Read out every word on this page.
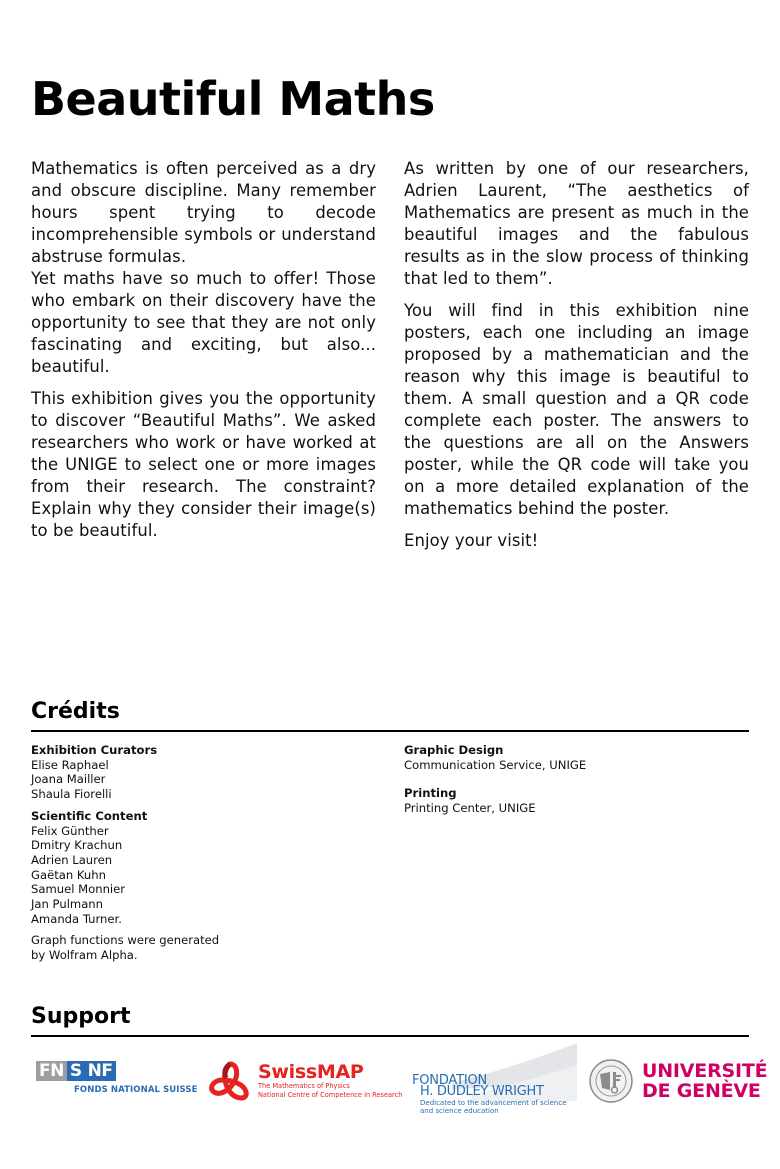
Beautiful Maths

Mathematics is often perceived as a dry and obscure discipline. Many remember hours spent trying to decode incomprehensible symbols or understand abstruse formulas.

Yet maths have so much to offer! Those who embark on their discovery have the opportunity to see that they are not only fascinating and exciting, but also... beautiful.

This exhibition gives you the opportunity to discover “Beautiful Maths”. We asked researchers who work or have worked at the UNIGE to select one or more images from their research. The constraint? Explain why they consider their image(s) to be beautiful.

As written by one of our researchers, Adrien Laurent, “The aesthetics of Mathematics are present as much in the beautiful images and the fabulous results as in the slow process of thinking that led to them”.

You will find in this exhibition nine posters, each one including an image proposed by a mathematician and the reason why this image is beautiful to them. A small question and a QR code complete each poster. The answers to the questions are all on the Answers poster, while the QR code will take you on a more detailed explanation of the mathematics behind the poster.

Enjoy your visit!

Crédits
Exhibition Curators
Elise Raphael
Joana Mailler
Shaula Fiorelli
Scientific Content
Felix Günther
Dmitry Krachun
Adrien Lauren
Gaëtan Kuhn
Samuel Monnier
Jan Pulmann
Amanda Turner.
Graph functions were generated
by Wolfram Alpha.
Graphic Design
Communication Service, UNIGE
Printing
Printing Center, UNIGE
Support
FN S NF
FONDS NATIONAL SUISSE
SwissMAP
The Mathematics of Physics
National Centre of Competence in Research
FONDATION
H. DUDLEY WRIGHT
Dedicated to the advancement of science
and science education
UNIVERSITÉ
DE GENÈVE
